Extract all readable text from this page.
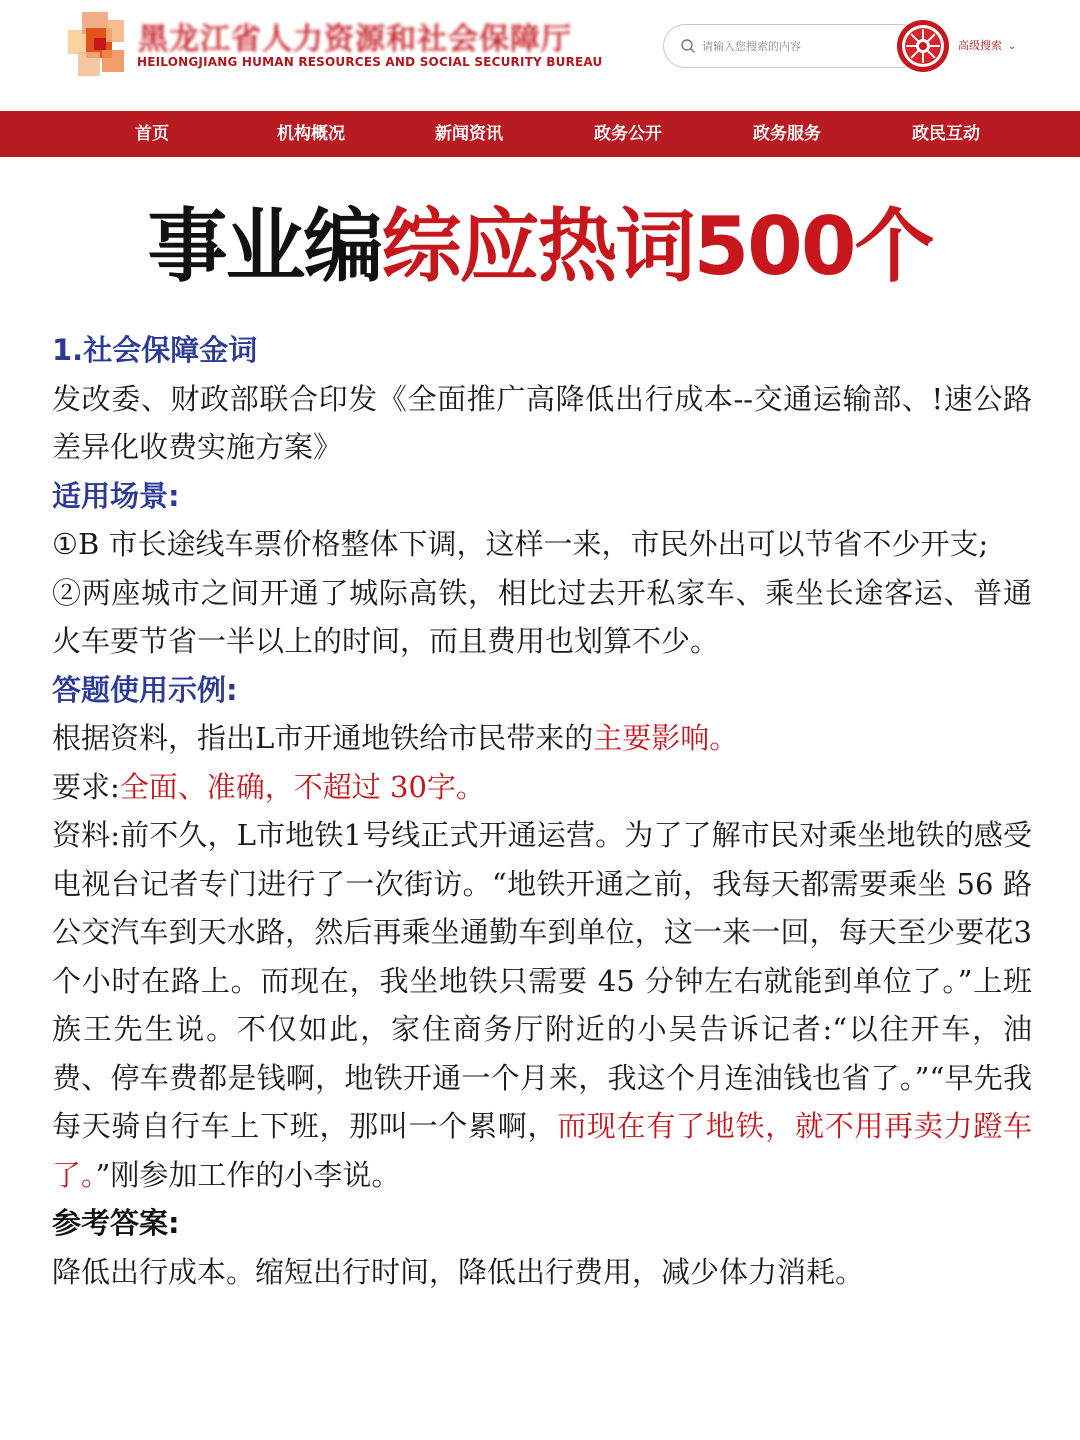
黑龙江省人力资源和社会保障厅
HEILONGJIANG HUMAN RESOURCES AND SOCIAL SECURITY BUREAU
请输入您搜索的内容
高级搜索 ⌄
首页	机构概况	新闻资讯	政务公开	政务服务	政民互动
事业编综应热词500个

1.社会保障金词

发改委、财政部联合印发《全面推广高降低出行成本--交通运输部、!速公路差异化收费实施方案》

适用场景:

①B 市长途线车票价格整体下调，这样一来，市民外出可以节省不少开支;

②两座城市之间开通了城际高铁，相比过去开私家车、乘坐长途客运、普通火车要节省一半以上的时间，而且费用也划算不少。

答题使用示例:

根据资料，指出L市开通地铁给市民带来的主要影响。

要求:全面、准确，不超过 30字。

资料:前不久，L市地铁1号线正式开通运营。为了了解市民对乘坐地铁的感受电视台记者专门进行了一次街访。“地铁开通之前，我每天都需要乘坐 56 路公交汽车到天水路，然后再乘坐通勤车到单位，这一来一回，每天至少要花3个小时在路上。而现在，我坐地铁只需要 45 分钟左右就能到单位了。”上班族王先生说。不仅如此，家住商务厅附近的小吴告诉记者:“以往开车，油费、停车费都是钱啊，地铁开通一个月来，我这个月连油钱也省了。”“早先我每天骑自行车上下班，那叫一个累啊，而现在有了地铁，就不用再卖力蹬车了。”刚参加工作的小李说。

参考答案:

降低出行成本。缩短出行时间，降低出行费用，减少体力消耗。
